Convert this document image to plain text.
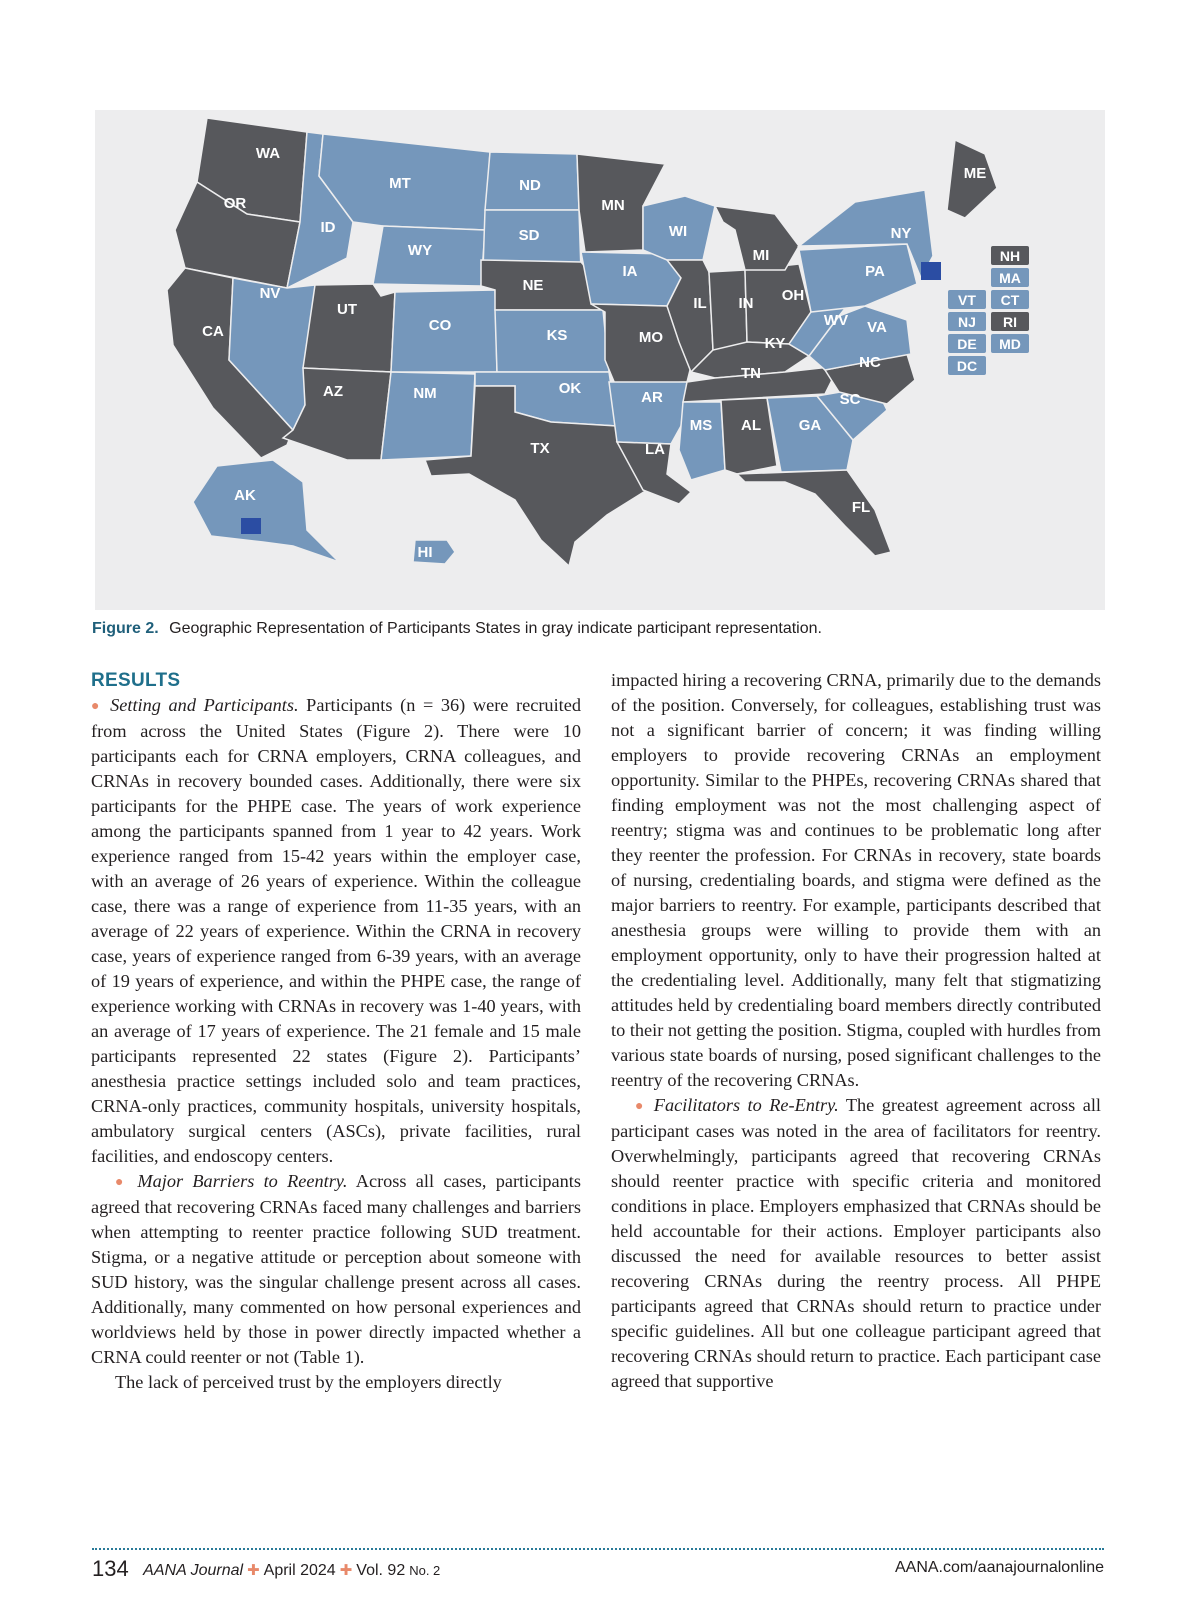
WA
OR
CA
UT
AZ
NE
MN
MI
IL IN OH
KY
MO
TN
NC
AL
LA
TX
FL
ME
MT
ID
NV
WY
ND
SD
CO
NM
KS
OK
IA
WI
AR
MS	GA
SC
VA
WV
PA
NY
AK
HI
NH
MA
VT CT
NJ RI
DE MD
DC
Figure 2. Geographic Representation of Participants States in gray indicate participant representation.
RESULTS

● Setting and Participants. Participants (n = 36) were recruited from across the United States (Figure 2). There were 10 participants each for CRNA employers, CRNA colleagues, and CRNAs in recovery bounded cases. Additionally, there were six participants for the PHPE case. The years of work experience among the participants spanned from 1 year to 42 years. Work experience ranged from 15-42 years within the employer case, with an average of 26 years of experience. Within the colleague case, there was a range of experience from 11-35 years, with an average of 22 years of experience. Within the CRNA in recovery case, years of experience ranged from 6-39 years, with an average of 19 years of experience, and within the PHPE case, the range of experience working with CRNAs in recovery was 1-40 years, with an average of 17 years of experience. The 21 female and 15 male participants represented 22 states (Figure 2). Participants’ anesthesia practice settings included solo and team practices, CRNA-only practices, community hospitals, university hospitals, ambulatory surgical centers (ASCs), private facilities, rural facilities, and endoscopy centers.

● Major Barriers to Reentry. Across all cases, participants agreed that recovering CRNAs faced many challenges and barriers when attempting to reenter practice following SUD treatment. Stigma, or a negative attitude or perception about someone with SUD history, was the singular challenge present across all cases. Additionally, many commented on how personal experiences and worldviews held by those in power directly impacted whether a CRNA could reenter or not (Table 1).

The lack of perceived trust by the employers directly

impacted hiring a recovering CRNA, primarily due to the demands of the position. Conversely, for colleagues, establishing trust was not a significant barrier of concern; it was finding willing employers to provide recovering CRNAs an employment opportunity. Similar to the PHPEs, recovering CRNAs shared that finding employment was not the most challenging aspect of reentry; stigma was and continues to be problematic long after they reenter the profession. For CRNAs in recovery, state boards of nursing, credentialing boards, and stigma were defined as the major barriers to reentry. For example, participants described that anesthesia groups were willing to provide them with an employment opportunity, only to have their progression halted at the credentialing level. Additionally, many felt that stigmatizing attitudes held by credentialing board members directly contributed to their not getting the position. Stigma, coupled with hurdles from various state boards of nursing, posed significant challenges to the reentry of the recovering CRNAs.

● Facilitators to Re-Entry. The greatest agreement across all participant cases was noted in the area of facilitators for reentry. Overwhelmingly, participants agreed that recovering CRNAs should reenter practice with specific criteria and monitored conditions in place. Employers emphasized that CRNAs should be held accountable for their actions. Employer participants also discussed the need for available resources to better assist recovering CRNAs during the reentry process. All PHPE participants agreed that CRNAs should return to practice under specific guidelines. All but one colleague participant agreed that recovering CRNAs should return to practice. Each participant case agreed that supportive

134 AANA Journal ✚ April 2024 ✚ Vol. 92 No. 2	AANA.com/aanajournalonline
